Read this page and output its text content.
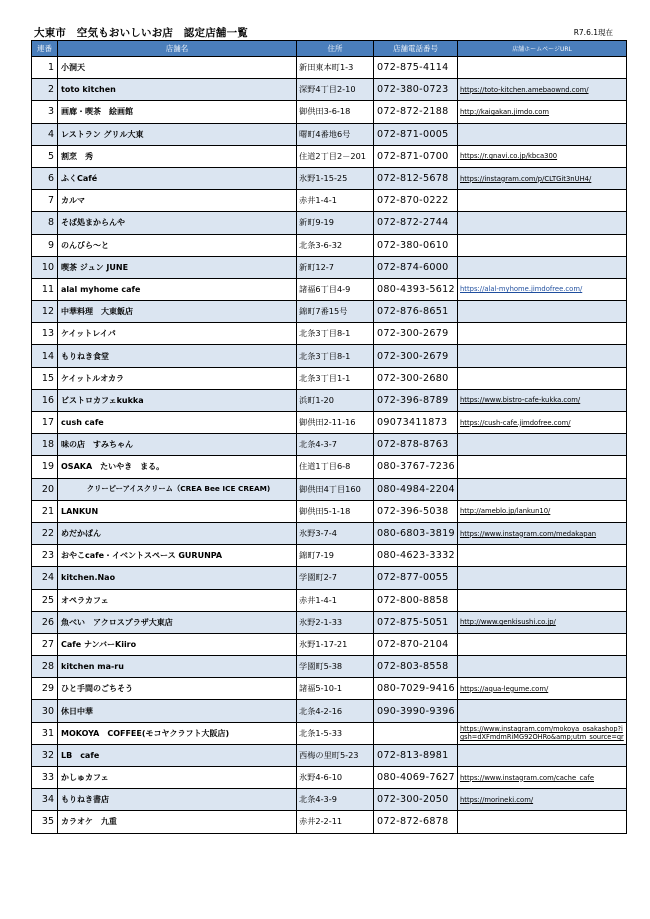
大東市　空気もおいしいお店　認定店舗一覧	R7.6.1現在
連番	店舗名	住所	店舗電話番号	店舗ホームページURL
1	小洞天	新田東本町1-3	072-875-4114	
2	toto kitchen	深野4丁目2-10	072-380-0723	https://toto-kitchen.amebaownd.com/
3	画廊・喫茶　絵画館	御供田3-6-18	072-872-2188	http://kaigakan.jimdo.com
4	レストラン グリル大東	曙町4番地6号	072-871-0005	
5	割烹　秀	住道2丁目2－201	072-871-0700	https://r.gnavi.co.jp/kbca300
6	ふくCafé	氷野1-15-25	072-812-5678	https://instagram.com/p/CLTGit3nUH4/
7	カルマ	赤井1-4-1	072-870-0222	
8	そば処まからんや	新町9-19	072-872-2744	
9	のんびら～と	北条3-6-32	072-380-0610	
10	喫茶 ジュン JUNE	新町12-7	072-874-6000	
11	alal myhome cafe	諸福6丁目4-9	080-4393-5612	https://alal-myhome.jimdofree.com/
12	中華料理　大東飯店	錦町7番15号	072-876-8651	
13	ケイットレイパ	北条3丁目8-1	072-300-2679	
14	もりねき食堂	北条3丁目8-1	072-300-2679	
15	ケイットルオカラ	北条3丁目1-1	072-300-2680	
16	ビストロカフェkukka	浜町1-20	072-396-8789	https://www.bistro-cafe-kukka.com/
17	cush cafe	御供田2-11-16	09073411873	https://cush-cafe.jimdofree.com/
18	味の店　すみちゃん	北条4-3-7	072-878-8763	
19	OSAKA　たいやき　まる。	住道1丁目6-8	080-3767-7236	
20	クリーピーアイスクリーム（CREA Bee ICE CREAM)	御供田4丁目160	080-4984-2204	
21	LANKUN	御供田5-1-18	072-396-5038	http://ameblo.jp/lankun10/
22	めだかぱん	氷野3-7-4	080-6803-3819	https://www.instagram.com/medakapan
23	おやこcafe・イベントスペース GURUNPA	錦町7-19	080-4623-3332	
24	kitchen.Nao	学園町2-7	072-877-0055	
25	オペラカフェ	赤井1-4-1	072-800-8858	
26	魚べい　アクロスプラザ大東店	氷野2-1-33	072-875-5051	http://www.genkisushi.co.jp/
27	Cafe ナンバーKiiro	氷野1-17-21	072-870-2104	
28	kitchen ma-ru	学園町5-38	072-803-8558	
29	ひと手間のごちそう	諸福5-10-1	080-7029-9416	https://aqua-legume.com/
30	休日中華	北条4-2-16	090-3990-9396	
31	MOKOYA　COFFEE(モコヤクラフト大阪店)	北条1-5-33		https://www.instagram.com/mokoya_osakashop?igsh=dXFmdmRiMG92OHRo&amp;utm_source=qr
32	LB　cafe	西梅の里町5-23	072-813-8981	
33	かしゅカフェ	氷野4-6-10	080-4069-7627	https://www.instagram.com/cache_cafe
34	もりねき書店	北条4-3-9	072-300-2050	https://morineki.com/
35	カラオケ　九重	赤井2-2-11	072-872-6878	
